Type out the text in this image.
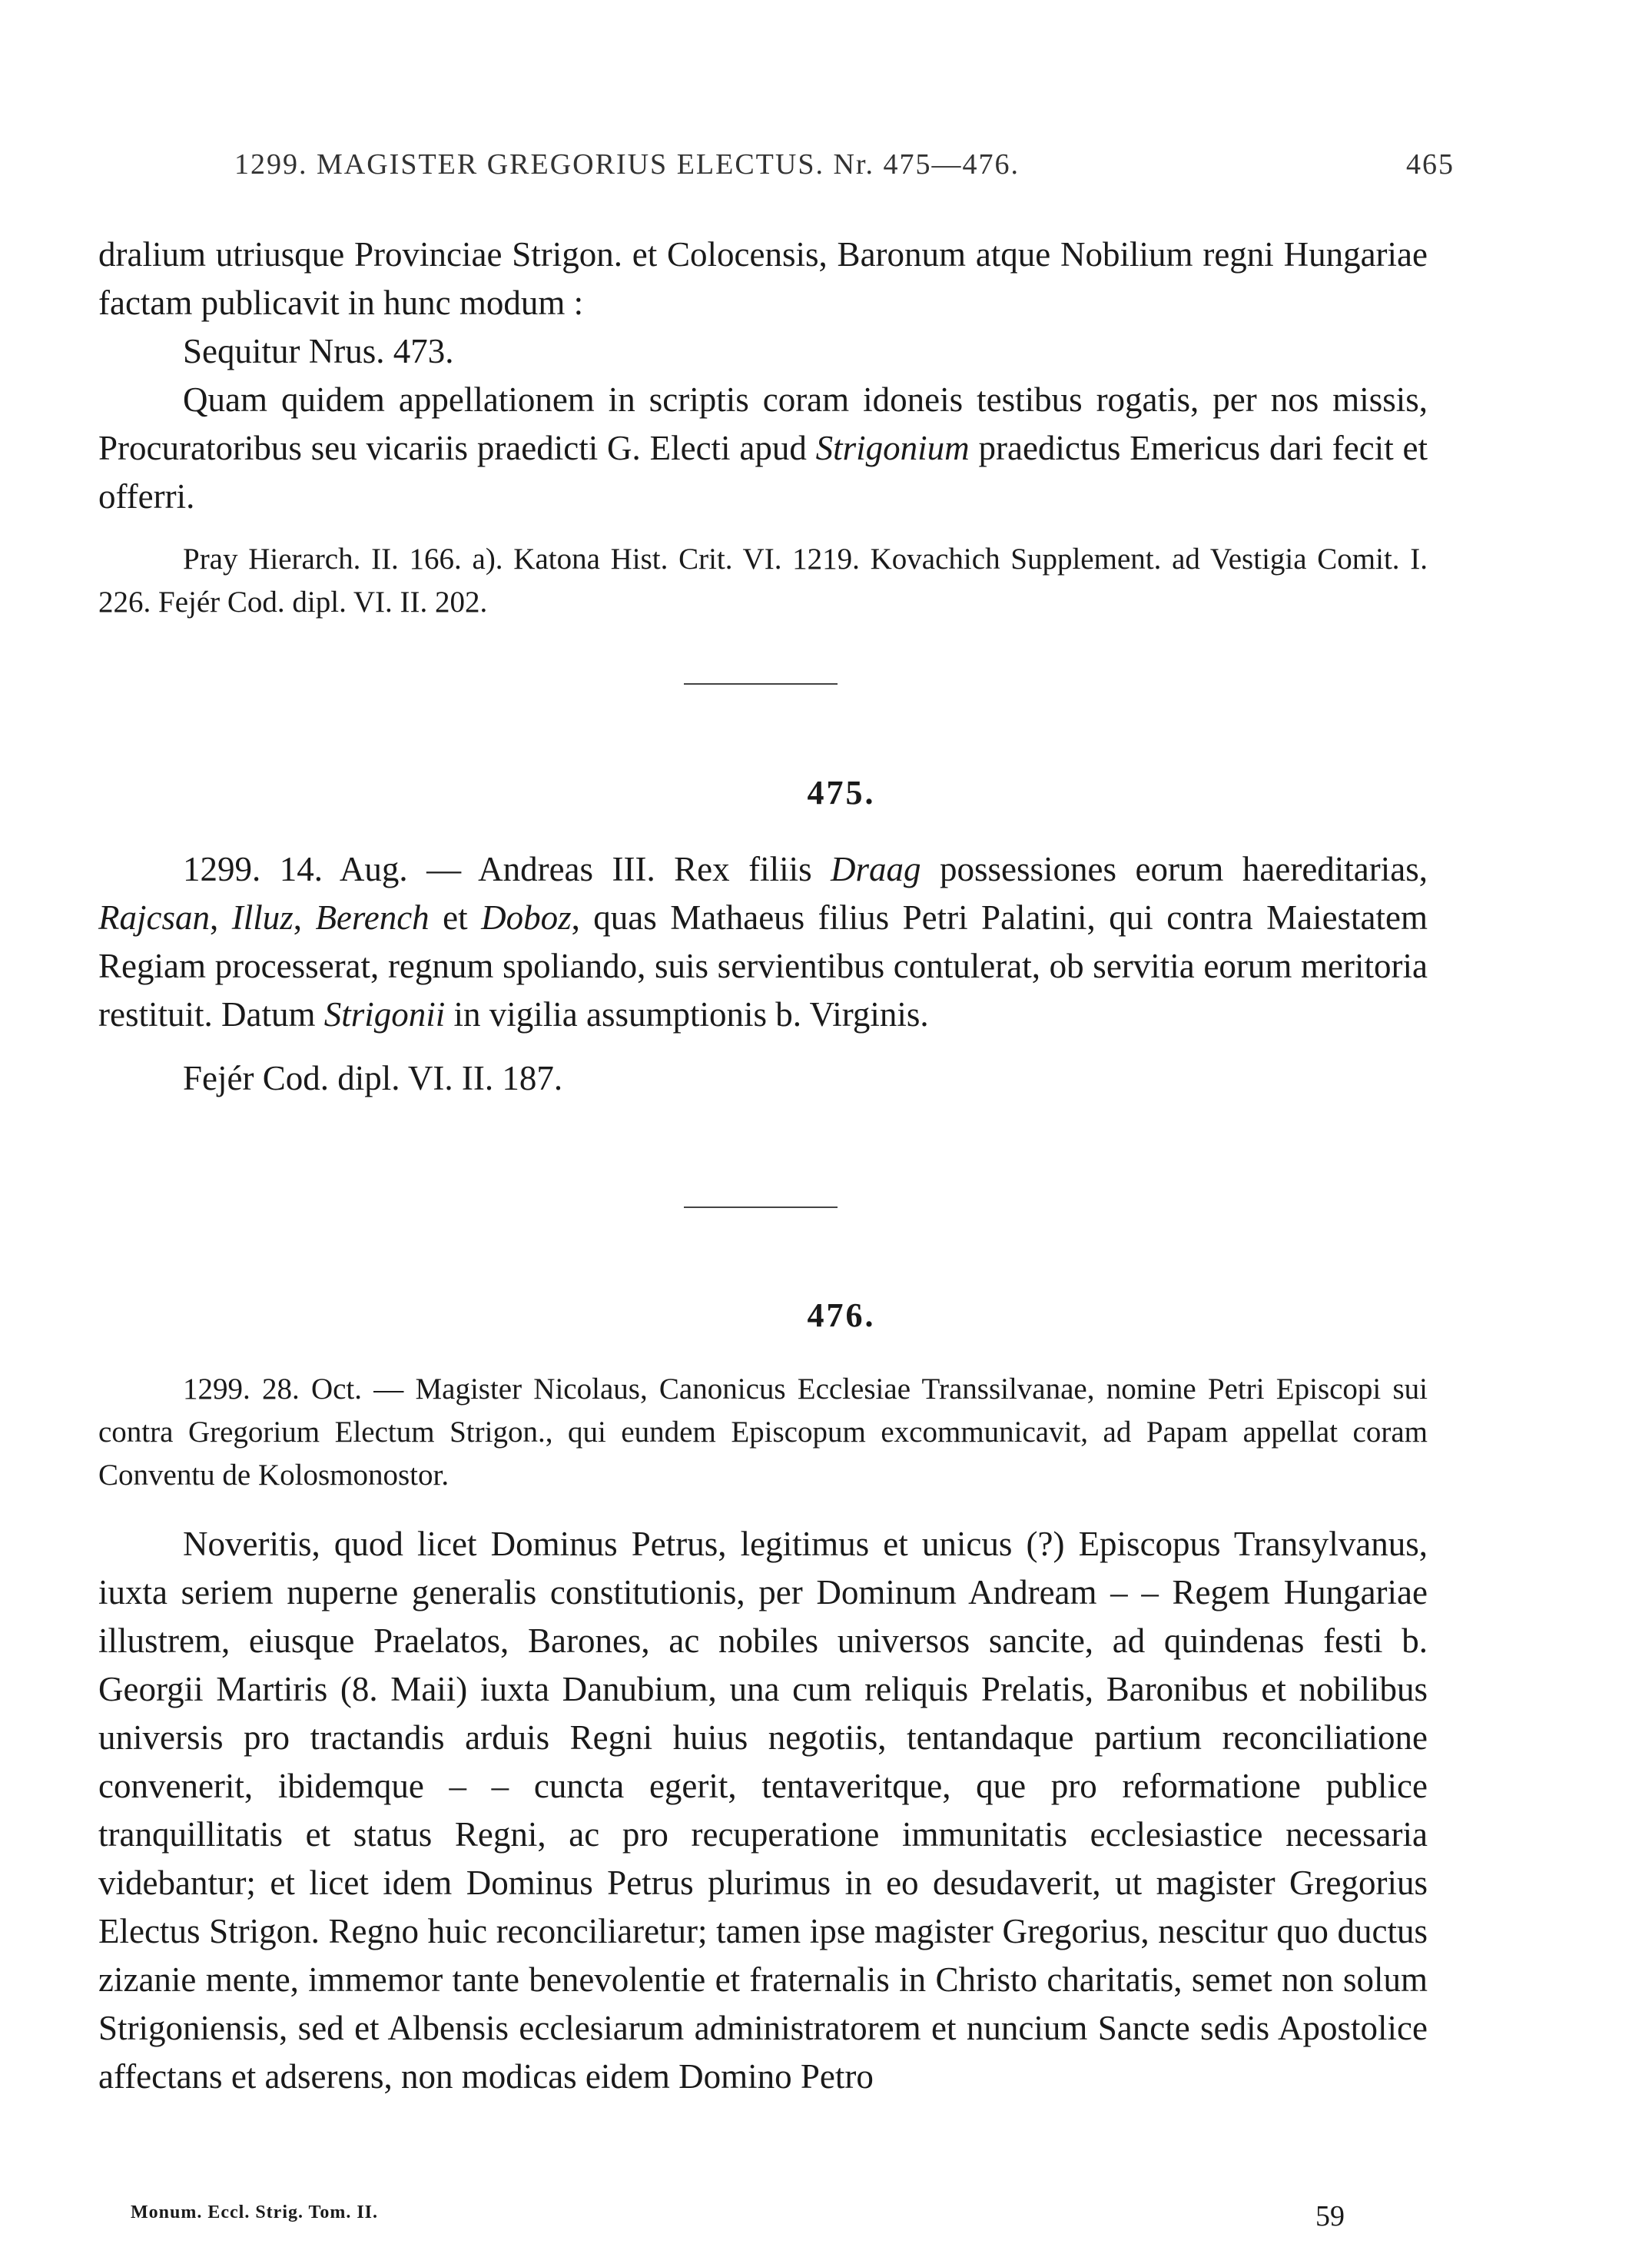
1299. MAGISTER GREGORIUS ELECTUS. Nr. 475—476.	465

dralium utriusque Provinciae Strigon. et Colocensis, Baronum atque Nobilium regni Hungariae factam publicavit in hunc modum :

Sequitur Nrus. 473.

Quam quidem appellationem in scriptis coram idoneis testibus rogatis, per nos missis, Procuratoribus seu vicariis praedicti G. Electi apud Strigonium praedictus Emericus dari fecit et offerri.

Pray Hierarch. II. 166. a). Katona Hist. Crit. VI. 1219. Kovachich Supplement. ad Vestigia Comit. I. 226. Fejér Cod. dipl. VI. II. 202.

475.

1299. 14. Aug. — Andreas III. Rex filiis Draag possessiones eorum haereditarias, Rajcsan, Illuz, Berench et Doboz, quas Mathaeus filius Petri Palatini, qui contra Maiestatem Regiam processerat, regnum spoliando, suis servientibus contulerat, ob servitia eorum meritoria restituit. Datum Strigonii in vigilia assumptionis b. Virginis.

Fejér Cod. dipl. VI. II. 187.

476.

1299. 28. Oct. — Magister Nicolaus, Canonicus Ecclesiae Transsilvanae, nomine Petri Episcopi sui contra Gregorium Electum Strigon., qui eundem Episcopum excommunicavit, ad Papam appellat coram Conventu de Kolosmonostor.

Noveritis, quod licet Dominus Petrus, legitimus et unicus (?) Episcopus Transylvanus, iuxta seriem nuperne generalis constitutionis, per Dominum Andream – – Regem Hungariae illustrem, eiusque Praelatos, Barones, ac nobiles universos sancite, ad quindenas festi b. Georgii Martiris (8. Maii) iuxta Danubium, una cum reliquis Prelatis, Baronibus et nobilibus universis pro tractandis arduis Regni huius negotiis, tentandaque partium reconciliatione convenerit, ibidemque – – cuncta egerit, tentaveritque, que pro reformatione publice tranquillitatis et status Regni, ac pro recuperatione immunitatis ecclesiastice necessaria videbantur; et licet idem Dominus Petrus plurimus in eo desudaverit, ut magister Gregorius Electus Strigon. Regno huic reconciliaretur; tamen ipse magister Gregorius, nescitur quo ductus zizanie mente, immemor tante benevolentie et fraternalis in Christo charitatis, semet non solum Strigoniensis, sed et Albensis ecclesiarum administratorem et nuncium Sancte sedis Apostolice affectans et adserens, non modicas eidem Domino Petro

Monum. Eccl. Strig. Tom. II.	59
